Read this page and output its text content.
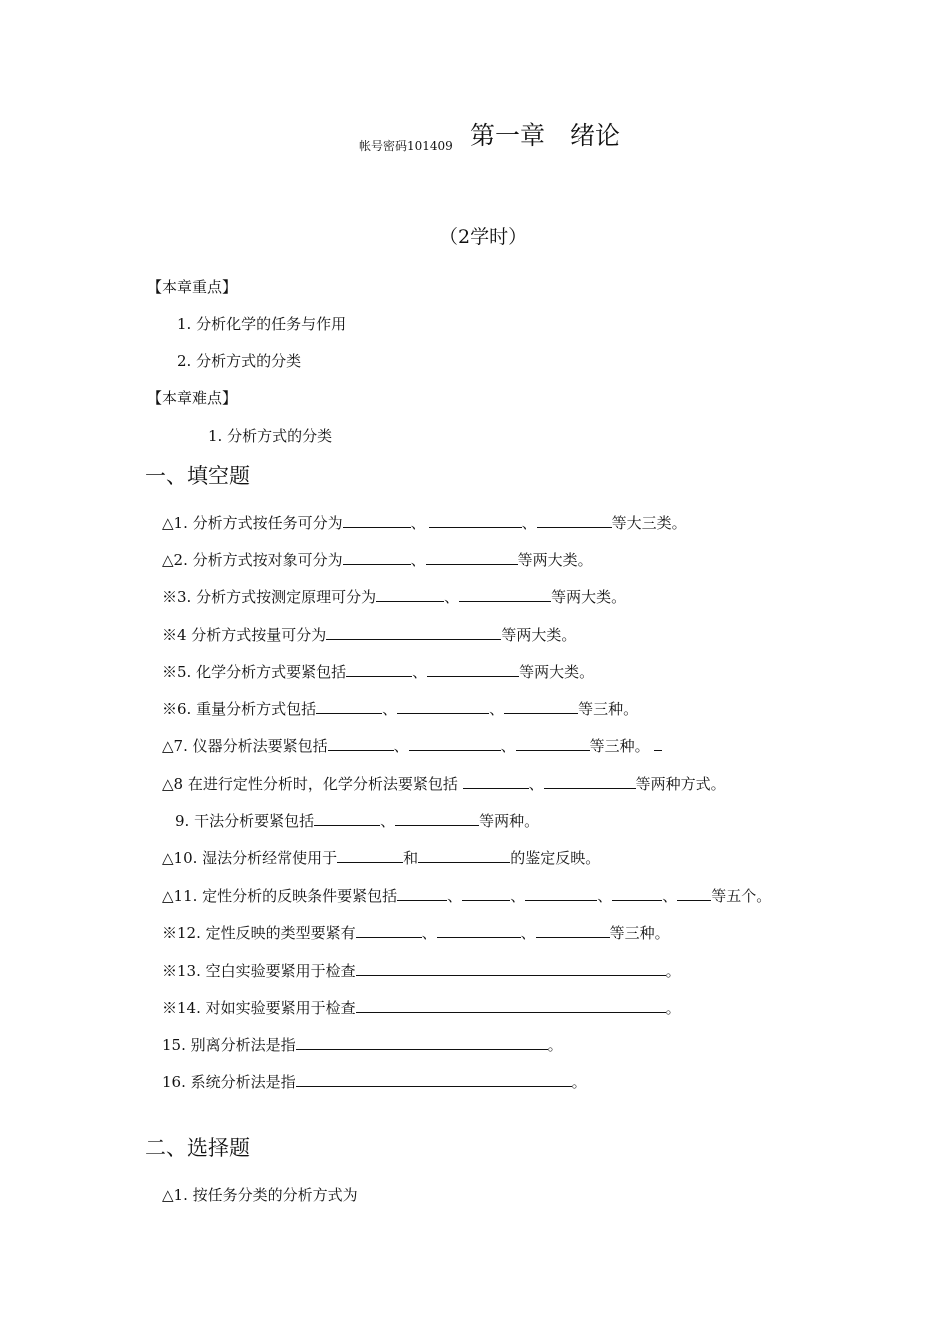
帐号密码101409 第一章　绪论
（2学时）
【本章重点】
1. 分析化学的任务与作用
2. 分析方式的分类
【本章难点】
1. 分析方式的分类
一、填空题
△1. 分析方式按任务可分为	、	、	等大三类。
△2. 分析方式按对象可分为	、	等两大类。
※3. 分析方式按测定原理可分为	、	等两大类。
※4 分析方式按量可分为	等两大类。
※5. 化学分析方式要紧包括	、	等两大类。
※6. 重量分析方式包括	、	、	等三种。
△7. 仪器分析法要紧包括	、	、	等三种。
△8 在进行定性分析时，化学分析法要紧包括	、	等两种方式。
9. 干法分析要紧包括	、	等两种。
△10. 湿法分析经常使用于	和	的鉴定反映。
△11. 定性分析的反映条件要紧包括	、	、	、	、 等五个。
※12. 定性反映的类型要紧有	、	、	等三种。
※13. 空白实验要紧用于检查	。
※14. 对如实验要紧用于检查	。
15. 别离分析法是指	。
16. 系统分析法是指	。
二、选择题
△1. 按任务分类的分析方式为
